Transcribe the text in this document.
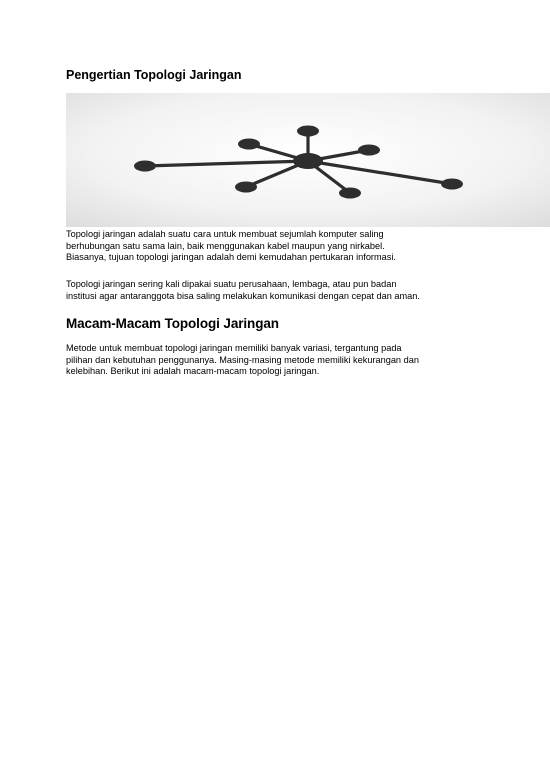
Pengertian Topologi Jaringan

Topologi jaringan adalah suatu cara untuk membuat sejumlah komputer saling
berhubungan satu sama lain, baik menggunakan kabel maupun yang nirkabel.
Biasanya, tujuan topologi jaringan adalah demi kemudahan pertukaran informasi.

Topologi jaringan sering kali dipakai suatu perusahaan, lembaga, atau pun badan
institusi agar antaranggota bisa saling melakukan komunikasi dengan cepat dan aman.

Macam-Macam Topologi Jaringan

Metode untuk membuat topologi jaringan memiliki banyak variasi, tergantung pada
pilihan dan kebutuhan penggunanya. Masing-masing metode memiliki kekurangan dan
kelebihan. Berikut ini adalah macam-macam topologi jaringan.
